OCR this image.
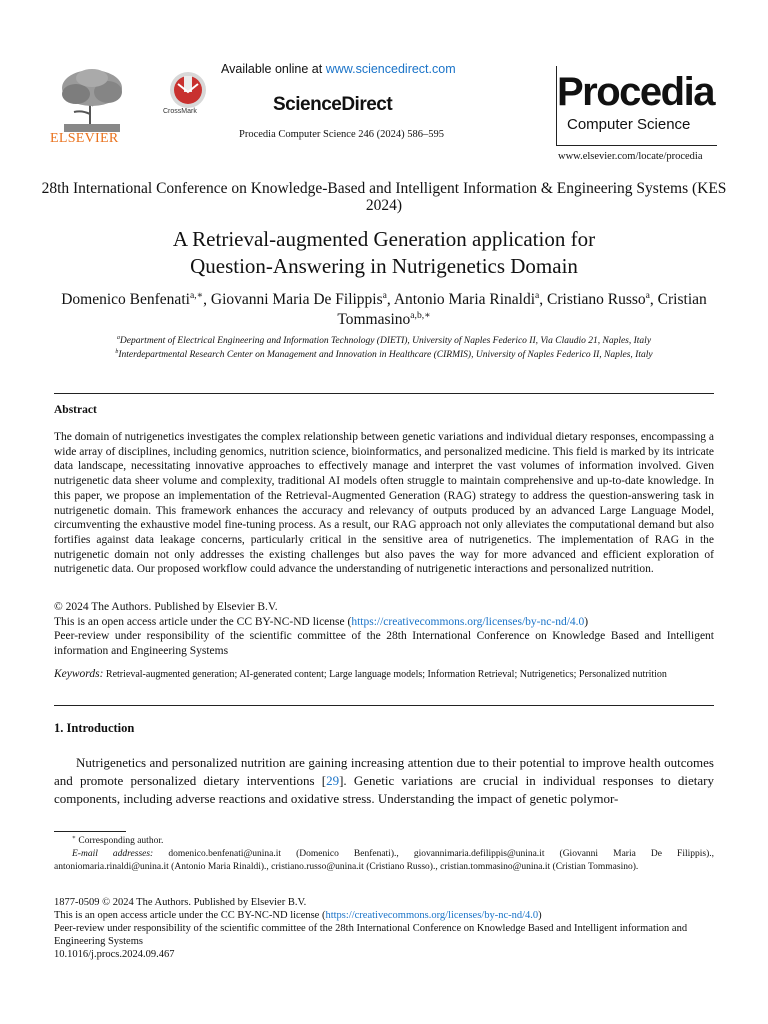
ELSEVIER
CrossMark
Available online at www.sciencedirect.com
ScienceDirect
Procedia Computer Science 246 (2024) 586–595
Procedia
Computer Science
www.elsevier.com/locate/procedia
28th International Conference on Knowledge-Based and Intelligent Information & Engineering Systems (KES 2024)
A Retrieval-augmented Generation application for
Question-Answering in Nutrigenetics Domain
Domenico Benfenati$^{a,∗}$, Giovanni Maria De Filippis$^a$, Antonio Maria Rinaldi$^a$, Cristiano Russo$^a$, Cristian Tommasino$^{a,b,∗}$
$^a$Department of Electrical Engineering and Information Technology (DIETI), University of Naples Federico II, Via Claudio 21, Naples, Italy
$^b$Interdepartmental Research Center on Management and Innovation in Healthcare (CIRMIS), University of Naples Federico II, Naples, Italy
Abstract
The domain of nutrigenetics investigates the complex relationship between genetic variations and individual dietary responses, encompassing a wide array of disciplines, including genomics, nutrition science, bioinformatics, and personalized medicine. This field is marked by its intricate data landscape, necessitating innovative approaches to effectively manage and interpret the vast volumes of information involved. Given nutrigenetic data sheer volume and complexity, traditional AI models often struggle to maintain comprehensive and up-to-date knowledge. In this paper, we propose an implementation of the Retrieval-Augmented Generation (RAG) strategy to address the question-answering task in nutrigenetic domain. This framework enhances the accuracy and relevancy of outputs produced by an advanced Large Language Model, circumventing the exhaustive model fine-tuning process. As a result, our RAG approach not only alleviates the computational demand but also fortifies against data leakage concerns, particularly critical in the sensitive area of nutrigenetics. The implementation of RAG in the nutrigenetic domain not only addresses the existing challenges but also paves the way for more advanced and efficient exploration of nutrigenetic data. Our proposed workflow could advance the understanding of nutrigenetic interactions and personalized nutrition.
© 2024 The Authors. Published by Elsevier B.V.
This is an open access article under the CC BY-NC-ND license (https://creativecommons.org/licenses/by-nc-nd/4.0)
Peer-review under responsibility of the scientific committee of the 28th International Conference on Knowledge Based and Intelligent information and Engineering Systems
Keywords: Retrieval-augmented generation; AI-generated content; Large language models; Information Retrieval; Nutrigenetics; Personalized nutrition
1. Introduction
Nutrigenetics and personalized nutrition are gaining increasing attention due to their potential to improve health outcomes and promote personalized dietary interventions [29]. Genetic variations are crucial in individual responses to dietary components, including adverse reactions and oxidative stress. Understanding the impact of genetic polymor-
∗ Corresponding author.
E-mail addresses: domenico.benfenati@unina.it (Domenico Benfenati)., giovannimaria.defilippis@unina.it (Giovanni Maria De Filippis)., antoniomaria.rinaldi@unina.it (Antonio Maria Rinaldi)., cristiano.russo@unina.it (Cristiano Russo)., cristian.tommasino@unina.it (Cristian Tommasino).
1877-0509 © 2024 The Authors. Published by Elsevier B.V.
This is an open access article under the CC BY-NC-ND license (https://creativecommons.org/licenses/by-nc-nd/4.0)
Peer-review under responsibility of the scientific committee of the 28th International Conference on Knowledge Based and Intelligent information and Engineering Systems
10.1016/j.procs.2024.09.467
